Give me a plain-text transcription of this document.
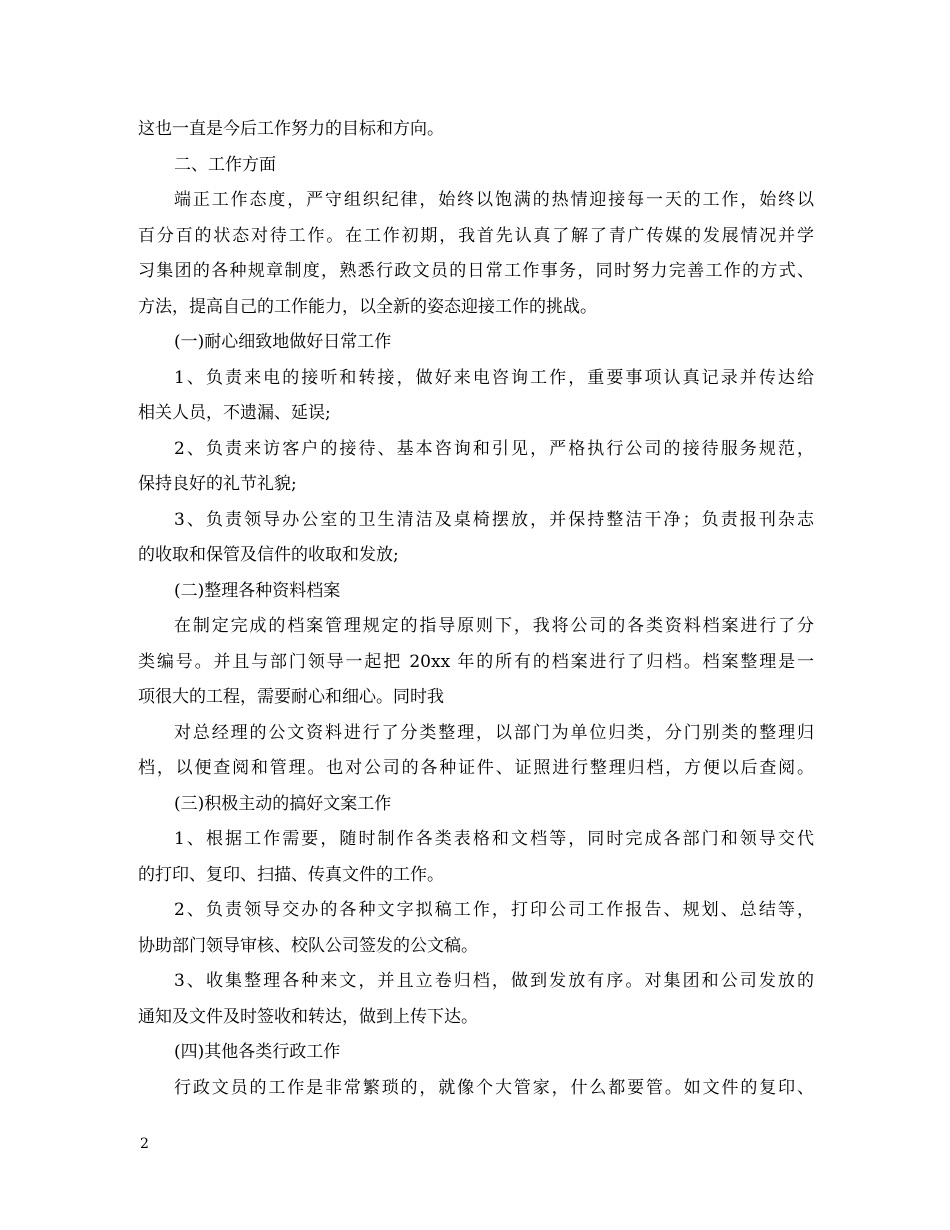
这也一直是今后工作努力的目标和方向。
二、工作方面
端正工作态度，严守组织纪律，始终以饱满的热情迎接每一天的工作，始终以
百分百的状态对待工作。在工作初期，我首先认真了解了青广传媒的发展情况并学
习集团的各种规章制度，熟悉行政文员的日常工作事务，同时努力完善工作的方式、
方法，提高自己的工作能力，以全新的姿态迎接工作的挑战。
(一)耐心细致地做好日常工作
1、负责来电的接听和转接，做好来电咨询工作，重要事项认真记录并传达给
相关人员，不遗漏、延误;
2、负责来访客户的接待、基本咨询和引见，严格执行公司的接待服务规范，
保持良好的礼节礼貌;
3、负责领导办公室的卫生清洁及桌椅摆放，并保持整洁干净；负责报刊杂志
的收取和保管及信件的收取和发放;
(二)整理各种资料档案
在制定完成的档案管理规定的指导原则下，我将公司的各类资料档案进行了分
类编号。并且与部门领导一起把 20xx 年的所有的档案进行了归档。档案整理是一
项很大的工程，需要耐心和细心。同时我
对总经理的公文资料进行了分类整理，以部门为单位归类，分门别类的整理归
档，以便查阅和管理。也对公司的各种证件、证照进行整理归档，方便以后查阅。
(三)积极主动的搞好文案工作
1、根据工作需要，随时制作各类表格和文档等，同时完成各部门和领导交代
的打印、复印、扫描、传真文件的工作。
2、负责领导交办的各种文字拟稿工作，打印公司工作报告、规划、总结等，
协助部门领导审核、校队公司签发的公文稿。
3、收集整理各种来文，并且立卷归档，做到发放有序。对集团和公司发放的
通知及文件及时签收和转达，做到上传下达。
(四)其他各类行政工作
行政文员的工作是非常繁琐的，就像个大管家，什么都要管。如文件的复印、
2
